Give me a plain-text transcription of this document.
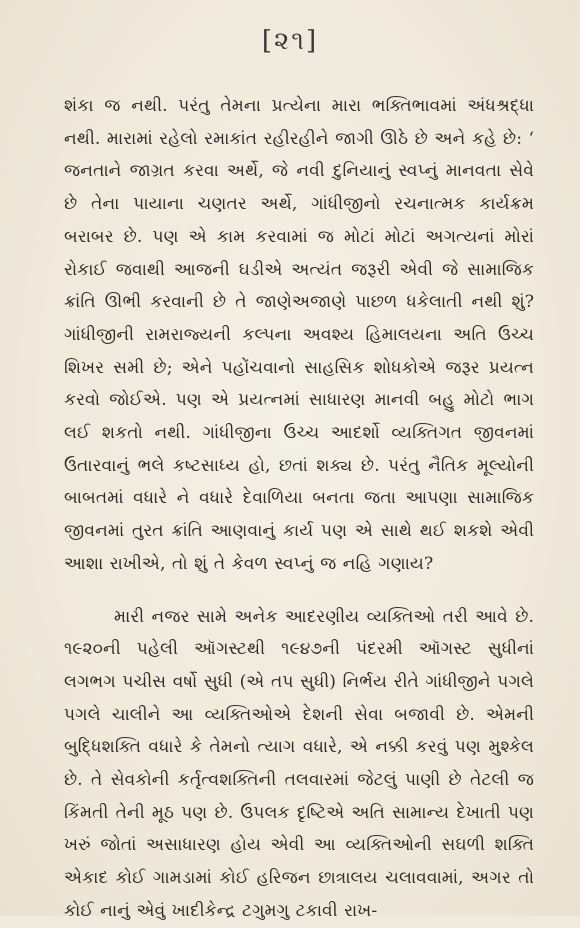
[૨૧]

શંકા જ નથી. પરંતુ તેમના પ્રત્યેના મારા ભક્તિભાવમાં અંધશ્રદ્ધા નથી. મારામાં રહેલો રમાકાંત રહીરહીને જાગી ઊઠે છે અને કહે છે: ‘ જનતાને જાગ્રત કરવા અર્થે, જે નવી દુનિયાનું સ્વપ્નું માનવતા સેવે છે તેના પાયાના ચણતર અર્થે, ગાંધીજીનો રચનાત્મક કાર્યક્રમ બરાબર છે. પણ એ કામ કરવામાં જ મોટાં મોટાં અગત્યનાં મોરાં રોકાઈ જવાથી આજની ઘડીએ અત્યંત જરૂરી એવી જે સામાજિક ક્રાંતિ ઊભી કરવાની છે તે જાણેઅજાણે પાછળ ધકેલાતી નથી શું? ગાંધીજીની રામરાજ્યની કલ્પના અવશ્ય હિમાલયના અતિ ઉચ્ચ શિખર સમી છે; એને પહોંચવાનો સાહસિક શોધકોએ જરૂર પ્રયત્ન કરવો જોઈએ. પણ એ પ્રયત્નમાં સાધારણ માનવી બહુ મોટો ભાગ લઈ શકતો નથી. ગાંધીજીના ઉચ્ચ આદર્શો વ્યક્તિગત જીવનમાં ઉતારવાનું ભલે કષ્ટસાધ્ય હો, છતાં શક્ય છે. પરંતુ નૈતિક મૂલ્યોની બાબતમાં વધારે ને વધારે દેવાળિયા બનતા જતા આપણા સામાજિક જીવનમાં તુરત ક્રાંતિ આણવાનું કાર્ય પણ એ સાથે થઈ શકશે એવી આશા રાખીએ, તો શું તે કેવળ સ્વપ્નું જ નહિ ગણાય?

મારી નજર સામે અનેક આદરણીય વ્યક્તિઓ તરી આવે છે. ૧૯૨૦ની પહેલી ઑગસ્ટથી ૧૯૪૭ની પંદરમી ઑગસ્ટ સુધીનાં લગભગ પચીસ વર્ષો સુધી (એ તપ સુધી) નિર્ભય રીતે ગાંધીજીને પગલે પગલે ચાલીને આ વ્યક્તિઓએ દેશની સેવા બજાવી છે. એમની બુદ્ધિશક્તિ વધારે કે તેમનો ત્યાગ વધારે, એ નક્કી કરવું પણ મુશ્કેલ છે. તે સેવકોની કર્તૃત્વશક્તિની તલવારમાં જેટલું પાણી છે તેટલી જ કિંમતી તેની મૂઠ પણ છે. ઉપલક દૃષ્ટિએ અતિ સામાન્ય દેખાતી પણ ખરું જોતાં અસાધારણ હોય એવી આ વ્યક્તિઓની સઘળી શક્તિ એકાદ કોઈ ગામડામાં કોઈ હરિજન છાત્રાલય ચલાવવામાં, અગર તો કોઈ નાનું એવું ખાદીકેન્દ્ર ટગુમગુ ટકાવી રાખ-
